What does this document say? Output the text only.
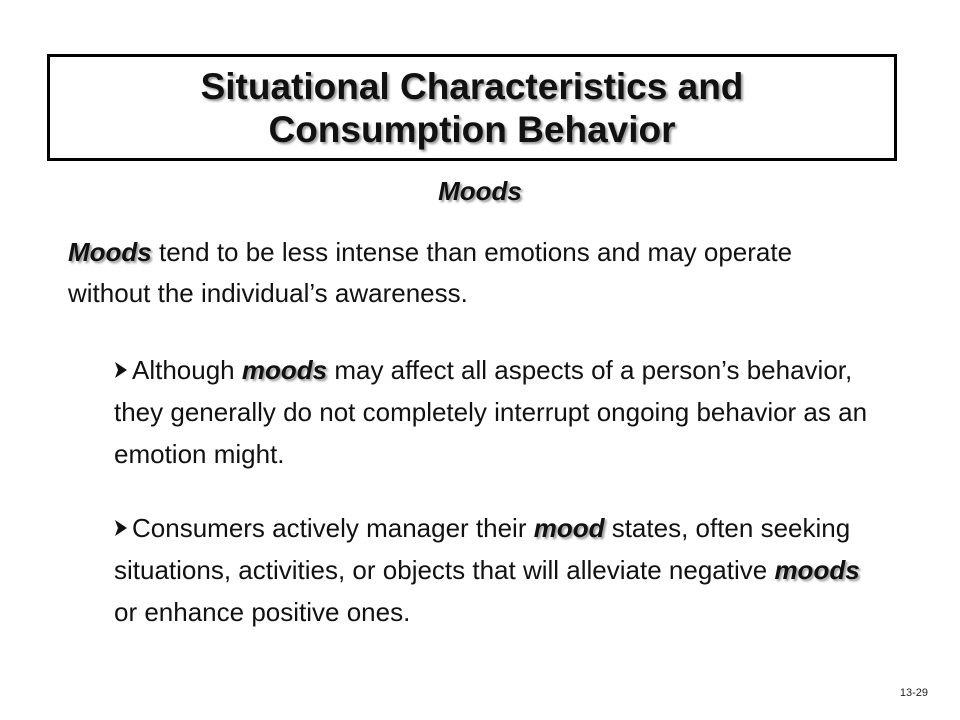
Situational Characteristics and
Consumption Behavior
Moods
Moods tend to be less intense than emotions and may operate without the individual’s awareness.
Although moods may affect all aspects of a person’s behavior, they generally do not completely interrupt ongoing behavior as an emotion might.
Consumers actively manager their mood states, often seeking situations, activities, or objects that will alleviate negative moods or enhance positive ones.
13-29
